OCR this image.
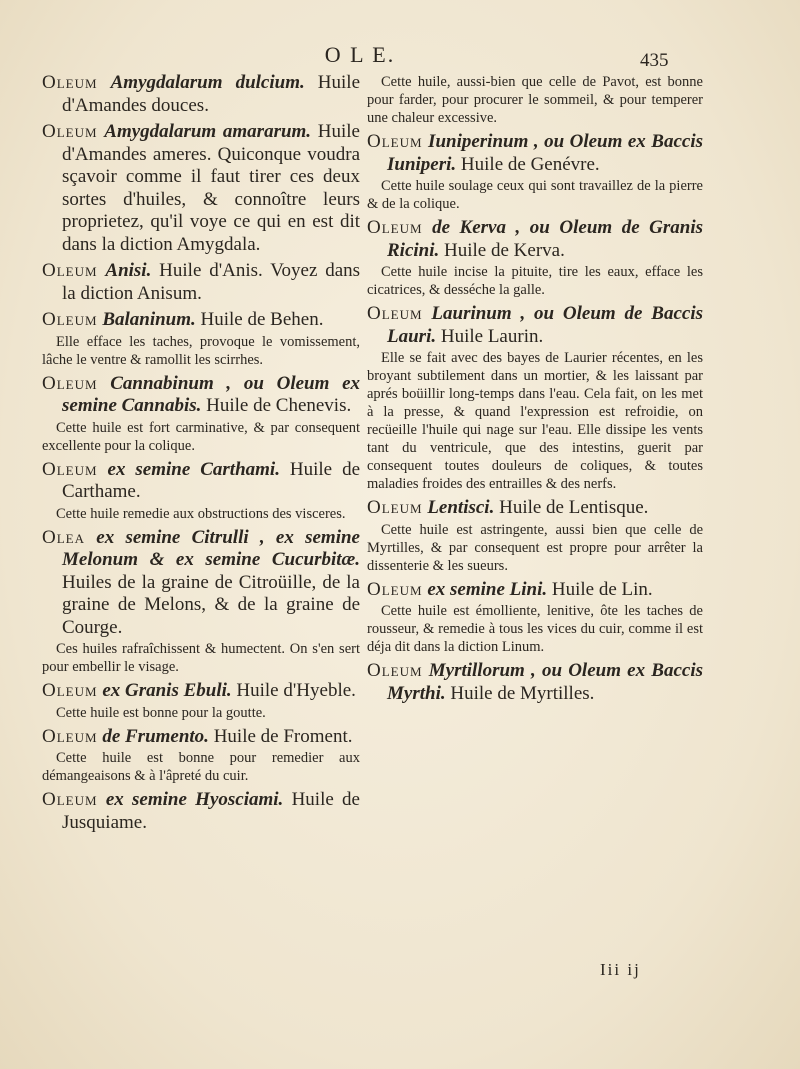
O L E.	435
Oleum Amygdalarum dulcium. Huile d'Amandes douces.
Oleum Amygdalarum amararum. Huile d'Amandes ameres. Quiconque voudra sçavoir comme il faut tirer ces deux sortes d'huiles, & connoître leurs proprietez, qu'il voye ce qui en est dit dans la diction Amygdala.
Oleum Anisi. Huile d'Anis. Voyez dans la diction Anisum.
Oleum Balaninum. Huile de Behen.
Elle efface les taches, provoque le vomissement, lâche le ventre & ramollit les scirrhes.
Oleum Cannabinum , ou Oleum ex semine Cannabis. Huile de Chenevis.
Cette huile est fort carminative, & par consequent excellente pour la colique.
Oleum ex semine Carthami. Huile de Carthame.
Cette huile remedie aux obstructions des visceres.
Olea ex semine Citrulli , ex semine Melonum & ex semine Cucurbitæ. Huiles de la graine de Citroüille, de la graine de Melons, & de la graine de Courge.
Ces huiles rafraîchissent & humectent. On s'en sert pour embellir le visage.
Oleum ex Granis Ebuli. Huile d'Hyeble.
Cette huile est bonne pour la goutte.
Oleum de Frumento. Huile de Froment.
Cette huile est bonne pour remedier aux démangeaisons & à l'âpreté du cuir.
Oleum ex semine Hyosciami. Huile de Jusquiame.
Cette huile, aussi-bien que celle de Pavot, est bonne pour farder, pour procurer le sommeil, & pour temperer une chaleur excessive.
Oleum Iuniperinum , ou Oleum ex Baccis Iuniperi. Huile de Genévre.
Cette huile soulage ceux qui sont travaillez de la pierre & de la colique.
Oleum de Kerva , ou Oleum de Granis Ricini. Huile de Kerva.
Cette huile incise la pituite, tire les eaux, efface les cicatrices, & desséche la galle.
Oleum Laurinum , ou Oleum de Baccis Lauri. Huile Laurin.
Elle se fait avec des bayes de Laurier récentes, en les broyant subtilement dans un mortier, & les laissant par aprés boüillir long-temps dans l'eau. Cela fait, on les met à la presse, & quand l'expression est refroidie, on recüeille l'huile qui nage sur l'eau. Elle dissipe les vents tant du ventricule, que des intestins, guerit par consequent toutes douleurs de coliques, & toutes maladies froides des entrailles & des nerfs.
Oleum Lentisci. Huile de Lentisque.
Cette huile est astringente, aussi bien que celle de Myrtilles, & par consequent est propre pour arrêter la dissenterie & les sueurs.
Oleum ex semine Lini. Huile de Lin.
Cette huile est émolliente, lenitive, ôte les taches de rousseur, & remedie à tous les vices du cuir, comme il est déja dit dans la diction Linum.
Oleum Myrtillorum , ou Oleum ex Baccis Myrthi. Huile de Myrtilles.
Iii ij
